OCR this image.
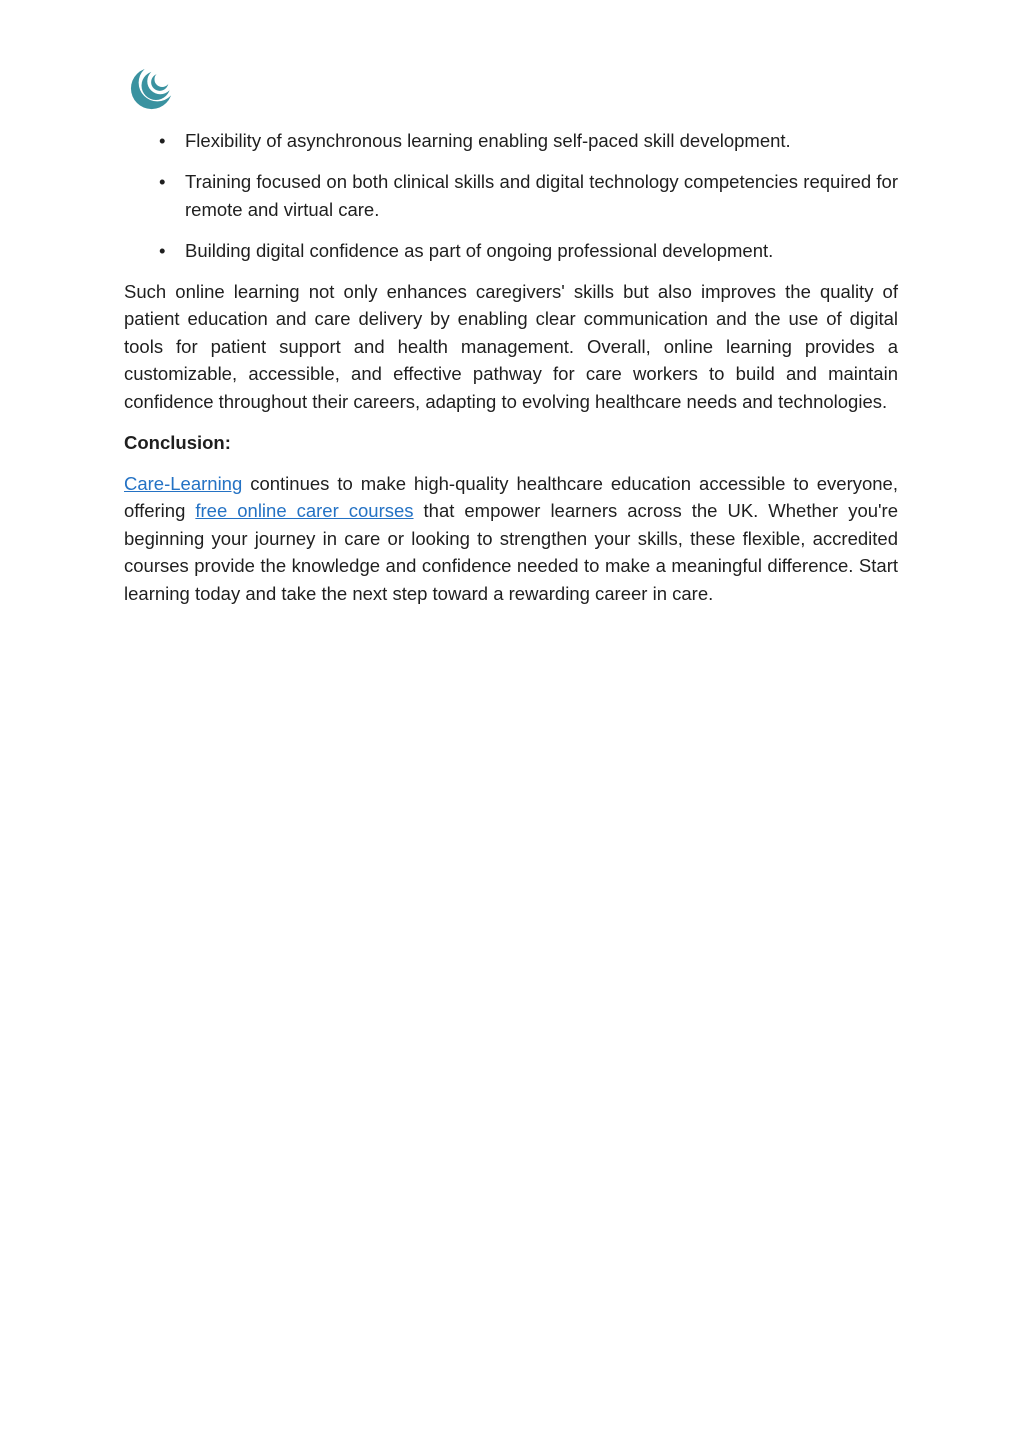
• Flexibility of asynchronous learning enabling self-paced skill development.
• Training focused on both clinical skills and digital technology competencies required for remote and virtual care.
• Building digital confidence as part of ongoing professional development.

Such online learning not only enhances caregivers' skills but also improves the quality of patient education and care delivery by enabling clear communication and the use of digital tools for patient support and health management. Overall, online learning provides a customizable, accessible, and effective pathway for care workers to build and maintain confidence throughout their careers, adapting to evolving healthcare needs and technologies.

Conclusion:

Care-Learning continues to make high-quality healthcare education accessible to everyone, offering free online carer courses that empower learners across the UK. Whether you're beginning your journey in care or looking to strengthen your skills, these flexible, accredited courses provide the knowledge and confidence needed to make a meaningful difference. Start learning today and take the next step toward a rewarding career in care.
